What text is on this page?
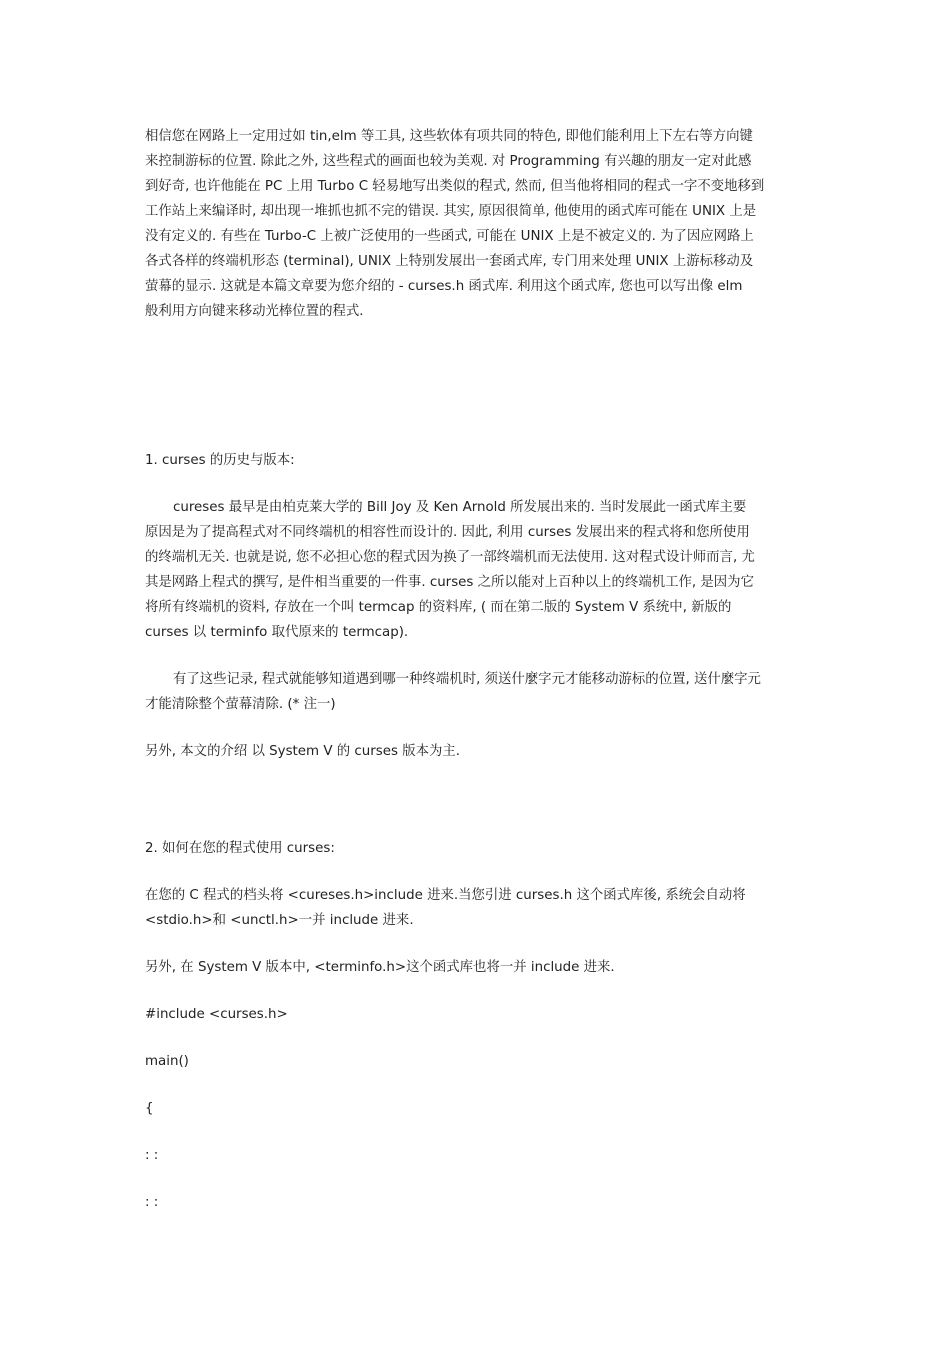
相信您在网路上一定用过如 tin,elm 等工具, 这些软体有项共同的特色, 即他们能利用上下左右等方向键

来控制游标的位置. 除此之外, 这些程式的画面也较为美观. 对 Programming 有兴趣的朋友一定对此感

到好奇, 也许他能在 PC 上用 Turbo C 轻易地写出类似的程式, 然而, 但当他将相同的程式一字不变地移到

工作站上来编译时, 却出现一堆抓也抓不完的错误. 其实, 原因很简单, 他使用的函式库可能在 UNIX 上是

没有定义的. 有些在 Turbo-C 上被广泛使用的一些函式, 可能在 UNIX 上是不被定义的. 为了因应网路上

各式各样的终端机形态 (terminal), UNIX 上特别发展出一套函式库, 专门用来处理 UNIX 上游标移动及

萤幕的显示. 这就是本篇文章要为您介绍的 - curses.h 函式库. 利用这个函式库, 您也可以写出像 elm

般利用方向键来移动光棒位置的程式.

1. curses 的历史与版本:

cureses 最早是由柏克莱大学的 Bill Joy 及 Ken Arnold 所发展出来的. 当时发展此一函式库主要

原因是为了提高程式对不同终端机的相容性而设计的. 因此, 利用 curses 发展出来的程式将和您所使用

的终端机无关. 也就是说, 您不必担心您的程式因为换了一部终端机而无法使用. 这对程式设计师而言, 尤

其是网路上程式的撰写, 是件相当重要的一件事. curses 之所以能对上百种以上的终端机工作, 是因为它

将所有终端机的资料, 存放在一个叫 termcap 的资料库, ( 而在第二版的 System V 系统中, 新版的

curses 以 terminfo 取代原来的 termcap).

有了这些记录, 程式就能够知道遇到哪一种终端机时, 须送什麼字元才能移动游标的位置, 送什麼字元

才能清除整个萤幕清除. (* 注一)

另外, 本文的介绍 以 System V 的 curses 版本为主.

2. 如何在您的程式使用 curses:

在您的 C 程式的档头将 <cureses.h>include 进来.当您引进 curses.h 这个函式库後, 系统会自动将

<stdio.h>和 <unctl.h>一并 include 进来.

另外, 在 System V 版本中, <terminfo.h>这个函式库也将一并 include 进来.

#include <curses.h>

main()

{

: :

: :
